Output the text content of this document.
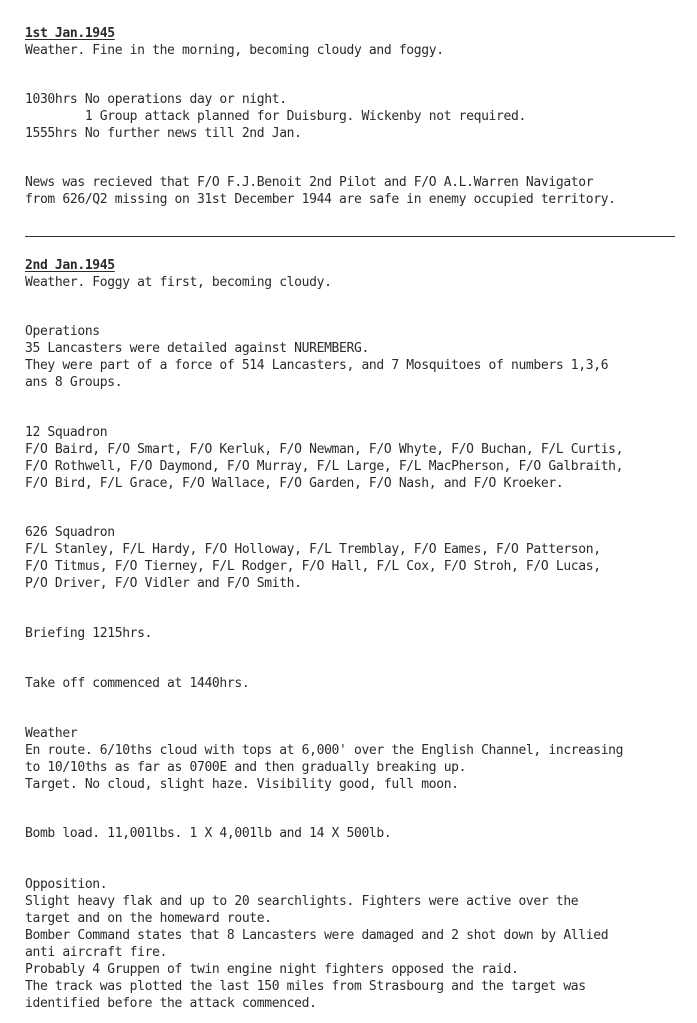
1st Jan.1945

Weather. Fine in the morning, becoming cloudy and foggy.

1030hrs No operations day or night.

1 Group attack planned for Duisburg. Wickenby not required.

1555hrs No further news till 2nd Jan.

News was recieved that F/O F.J.Benoit 2nd Pilot and F/O A.L.Warren Navigator

from 626/Q2 missing on 31st December 1944 are safe in enemy occupied territory.

2nd Jan.1945

Weather. Foggy at first, becoming cloudy.

Operations

35 Lancasters were detailed against NUREMBERG.

They were part of a force of 514 Lancasters, and 7 Mosquitoes of numbers 1,3,6

ans 8 Groups.

12 Squadron

F/O Baird, F/O Smart, F/O Kerluk, F/O Newman, F/O Whyte, F/O Buchan, F/L Curtis,

F/O Rothwell, F/O Daymond, F/O Murray, F/L Large, F/L MacPherson, F/O Galbraith,

F/O Bird, F/L Grace, F/O Wallace, F/O Garden, F/O Nash, and F/O Kroeker.

626 Squadron

F/L Stanley, F/L Hardy, F/O Holloway, F/L Tremblay, F/O Eames, F/O Patterson,

F/O Titmus, F/O Tierney, F/L Rodger, F/O Hall, F/L Cox, F/O Stroh, F/O Lucas,

P/O Driver, F/O Vidler and F/O Smith.

Briefing 1215hrs.

Take off commenced at 1440hrs.

Weather

En route. 6/10ths cloud with tops at 6,000' over the English Channel, increasing

to 10/10ths as far as 0700E and then gradually breaking up.

Target. No cloud, slight haze. Visibility good, full moon.

Bomb load. 11,001lbs. 1 X 4,001lb and 14 X 500lb.

Opposition.

Slight heavy flak and up to 20 searchlights. Fighters were active over the

target and on the homeward route.

Bomber Command states that 8 Lancasters were damaged and 2 shot down by Allied

anti aircraft fire.

Probably 4 Gruppen of twin engine night fighters opposed the raid.

The track was plotted the last 150 miles from Strasbourg and the target was

identified before the attack commenced.
